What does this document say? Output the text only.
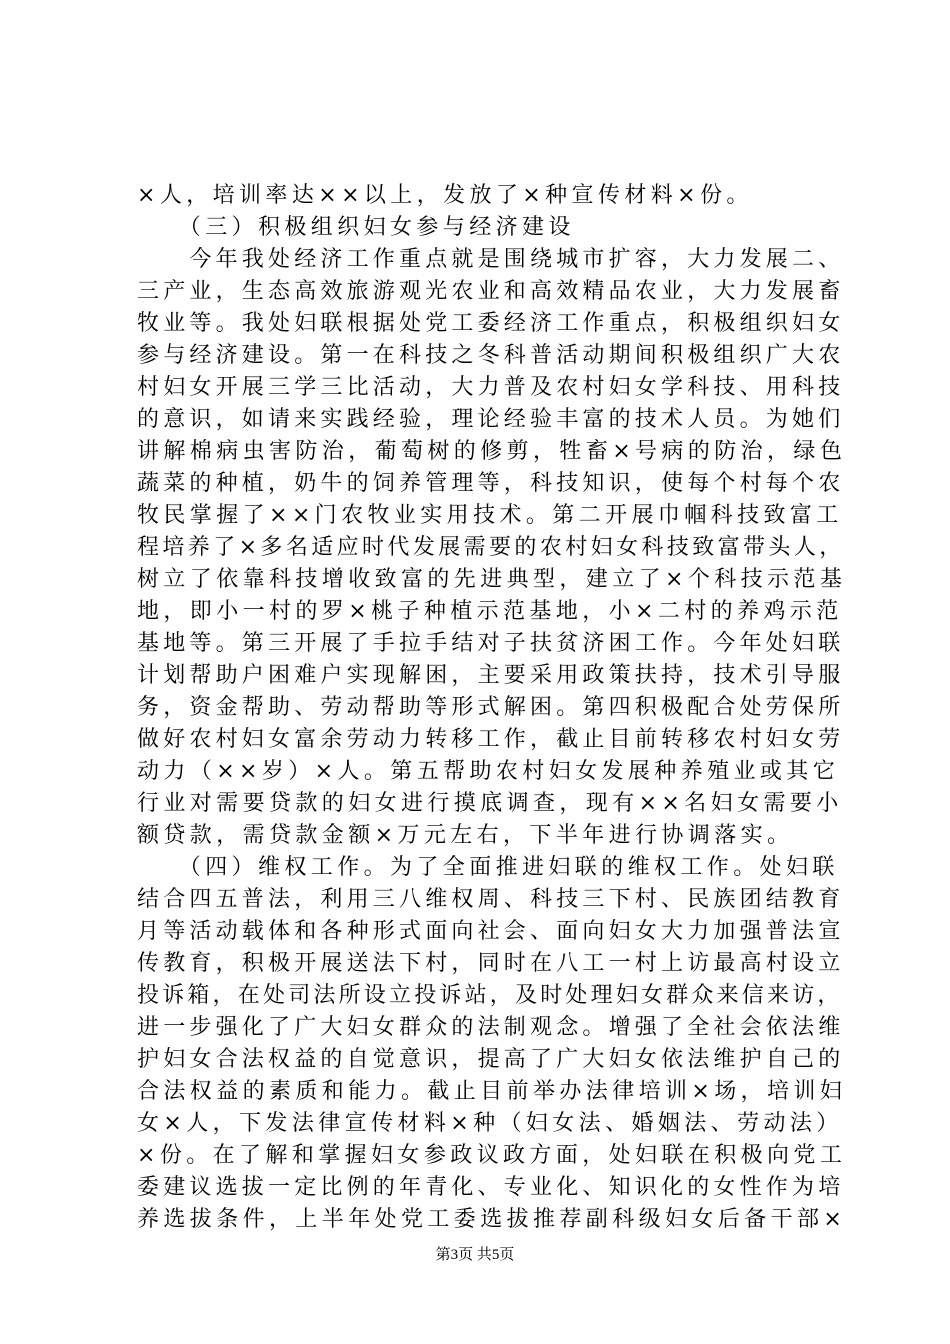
×人，培训率达××以上，发放了×种宣传材料×份。
　　（三）积极组织妇女参与经济建设
　　今年我处经济工作重点就是围绕城市扩容，大力发展二、
三产业，生态高效旅游观光农业和高效精品农业，大力发展畜
牧业等。我处妇联根据处党工委经济工作重点，积极组织妇女
参与经济建设。第一在科技之冬科普活动期间积极组织广大农
村妇女开展三学三比活动，大力普及农村妇女学科技、用科技
的意识，如请来实践经验，理论经验丰富的技术人员。为她们
讲解棉病虫害防治，葡萄树的修剪，牲畜×号病的防治，绿色
蔬菜的种植，奶牛的饲养管理等，科技知识，使每个村每个农
牧民掌握了××门农牧业实用技术。第二开展巾帼科技致富工
程培养了×多名适应时代发展需要的农村妇女科技致富带头人，
树立了依靠科技增收致富的先进典型，建立了×个科技示范基
地，即小一村的罗×桃子种植示范基地，小×二村的养鸡示范
基地等。第三开展了手拉手结对子扶贫济困工作。今年处妇联
计划帮助户困难户实现解困，主要采用政策扶持，技术引导服
务，资金帮助、劳动帮助等形式解困。第四积极配合处劳保所
做好农村妇女富余劳动力转移工作，截止目前转移农村妇女劳
动力（××岁）×人。第五帮助农村妇女发展种养殖业或其它
行业对需要贷款的妇女进行摸底调查，现有××名妇女需要小
额贷款，需贷款金额×万元左右，下半年进行协调落实。
　　（四）维权工作。为了全面推进妇联的维权工作。处妇联
结合四五普法，利用三八维权周、科技三下村、民族团结教育
月等活动载体和各种形式面向社会、面向妇女大力加强普法宣
传教育，积极开展送法下村，同时在八工一村上访最高村设立
投诉箱，在处司法所设立投诉站，及时处理妇女群众来信来访，
进一步强化了广大妇女群众的法制观念。增强了全社会依法维
护妇女合法权益的自觉意识，提高了广大妇女依法维护自己的
合法权益的素质和能力。截止目前举办法律培训×场，培训妇
女×人，下发法律宣传材料×种（妇女法、婚姻法、劳动法）
×份。在了解和掌握妇女参政议政方面，处妇联在积极向党工
委建议选拔一定比例的年青化、专业化、知识化的女性作为培
养选拔条件，上半年处党工委选拔推荐副科级妇女后备干部×
第3页 共5页
